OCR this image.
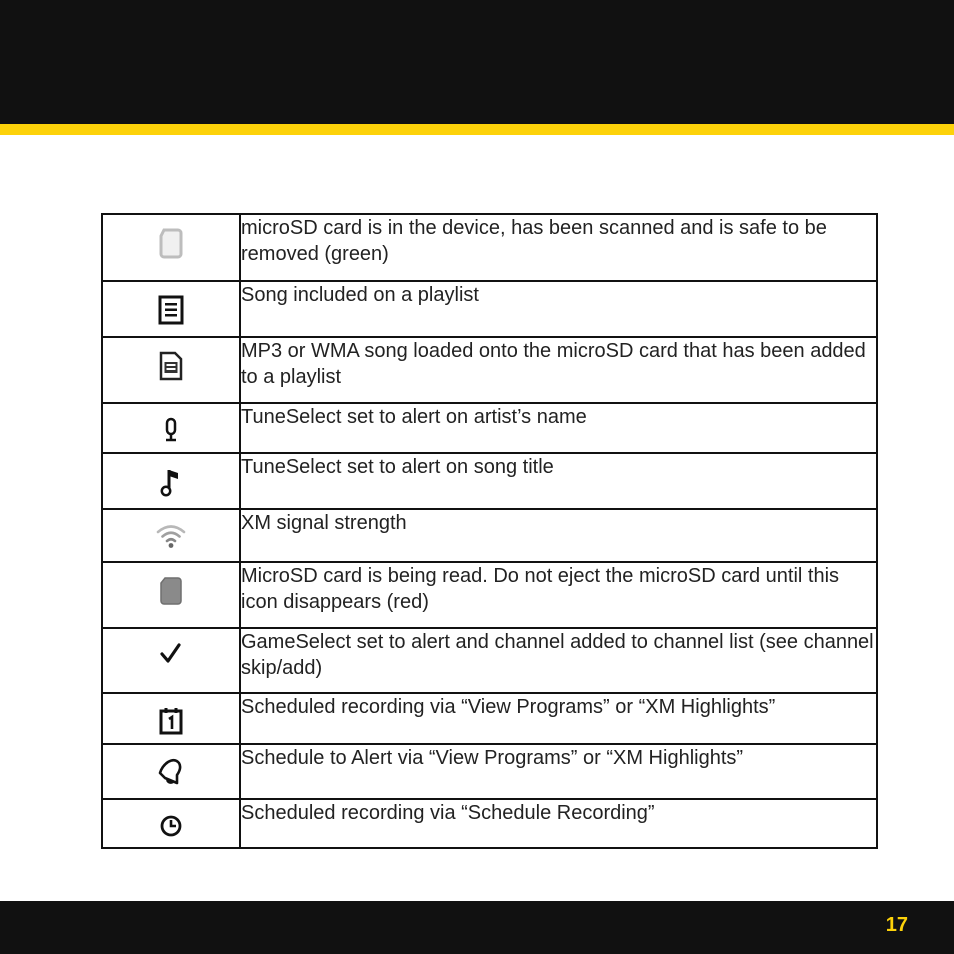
	microSD card is in the device, has been scanned and is safe to be removed (green)

	Song included on a playlist

	MP3 or WMA song loaded onto the microSD card that has been added to a playlist

	TuneSelect set to alert on artist’s name

	TuneSelect set to alert on song title

	XM signal strength

	MicroSD card is being read. Do not eject the microSD card until this icon disappears (red)

	GameSelect set to alert and channel added to channel list (see channel skip/add)

	Scheduled recording via “View Programs” or “XM Highlights”

	Schedule to Alert via “View Programs” or “XM Highlights”

	Scheduled recording via “Schedule Recording”
17
